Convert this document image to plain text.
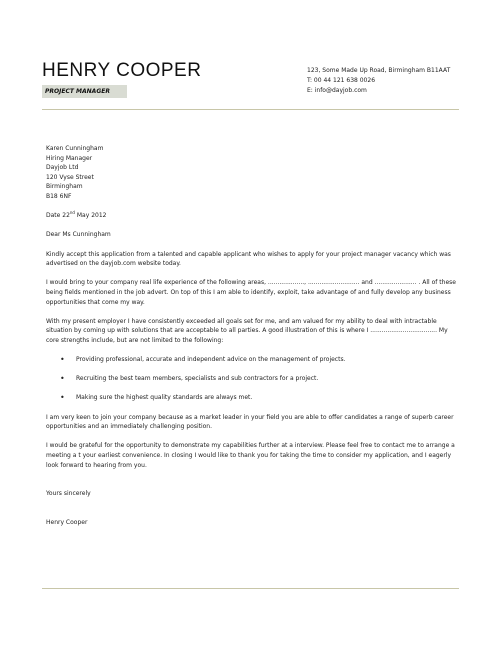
HENRY COOPER
PROJECT MANAGER
123, Some Made Up Road, Birmingham B11AAT
T: 00 44 121 638 0026
E: info@dayjob.com
Karen Cunningham
Hiring Manager
Dayjob Ltd
120 Vyse Street
Birmingham
B18 6NF

Date 22nd May 2012

Dear Ms Cunningham

Kindly accept this application from a talented and capable applicant who wishes to apply for your project manager vacancy which was advertised on the dayjob.com website today.

I would bring to your company real life experience of the following areas, ..................., ........................... and ...................... . All of these being fields mentioned in the job advert. On top of this I am able to identify, exploit, take advantage of and fully develop any business opportunities that come my way.

With my present employer I have consistently exceeded all goals set for me, and am valued for my ability to deal with intractable situation by coming up with solutions that are acceptable to all parties. A good illustration of this is where I ................................... My core strengths include, but are not limited to the following:

• Providing professional, accurate and independent advice on the management of projects.
• Recruiting the best team members, specialists and sub contractors for a project.
• Making sure the highest quality standards are always met.

I am very keen to join your company because as a market leader in your field you are able to offer candidates a range of superb career opportunities and an immediately challenging position.

I would be grateful for the opportunity to demonstrate my capabilities further at a interview. Please feel free to contact me to arrange a meeting a t your earliest convenience. In closing I would like to thank you for taking the time to consider my application, and I eagerly look forward to hearing from you.

Yours sincerely

Henry Cooper
